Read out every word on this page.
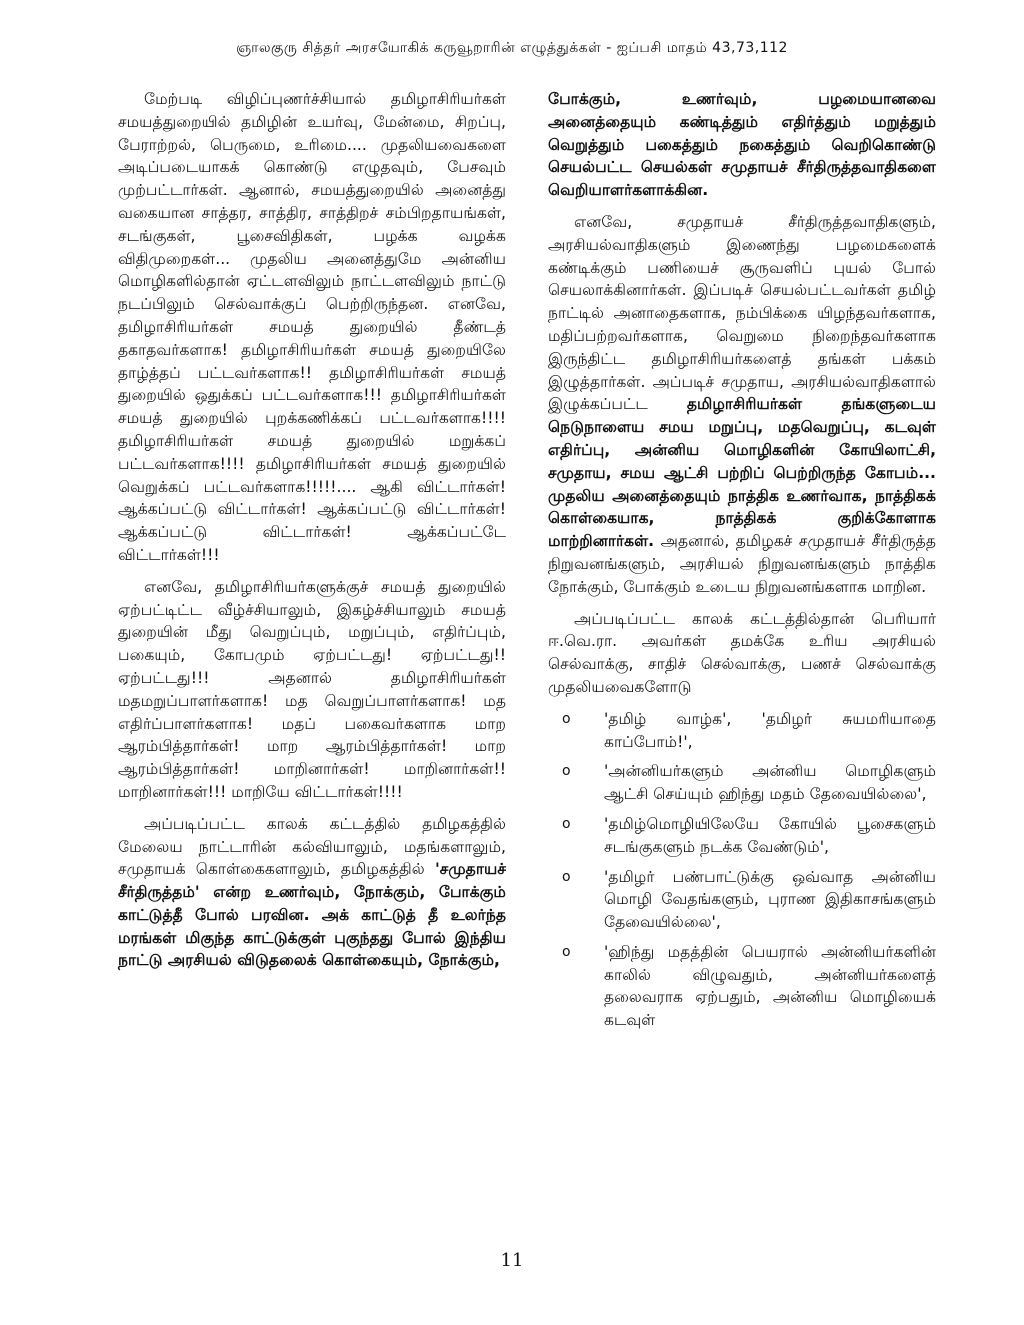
ஞாலகுரு சித்தர் அரசயோகிக் கருவூறாரின் எழுத்துக்கள் - ஐப்பசி மாதம் 43,73,112

மேற்படி விழிப்புணர்ச்சியால் தமிழாசிரியர்கள் சமயத்துறையில் தமிழின் உயர்வு, மேன்மை, சிறப்பு, பேராற்றல், பெருமை, உரிமை.... முதலியவைகளை அடிப்படையாகக் கொண்டு எழுதவும், பேசவும் முற்பட்டார்கள். ஆனால், சமயத்துறையில் அனைத்து வகையான சாத்தர, சாத்திர, சாத்திறச் சம்பிறதாயங்கள், சடங்குகள், பூசைவிதிகள், பழக்க வழக்க விதிமுறைகள்... முதலிய அனைத்துமே அன்னிய மொழிகளில்தான் ஏட்டளவிலும் நாட்டளவிலும் நாட்டு நடப்பிலும் செல்வாக்குப் பெற்றிருந்தன. எனவே, தமிழாசிரியர்கள் சமயத் துறையில் தீண்டத் தகாதவர்களாக! தமிழாசிரியர்கள் சமயத் துறையிலே தாழ்த்தப் பட்டவர்களாக!! தமிழாசிரியர்கள் சமயத் துறையில் ஒதுக்கப் பட்டவர்களாக!!! தமிழாசிரியர்கள் சமயத் துறையில் புறக்கணிக்கப் பட்டவர்களாக!!!! தமிழாசிரியர்கள் சமயத் துறையில் மறுக்கப் பட்டவர்களாக!!!! தமிழாசிரியர்கள் சமயத் துறையில் வெறுக்கப் பட்டவர்களாக!!!!!.... ஆகி விட்டார்கள்! ஆக்கப்பட்டு விட்டார்கள்! ஆக்கப்பட்டு விட்டார்கள்! ஆக்கப்பட்டு விட்டார்கள்! ஆக்கப்பட்டே விட்டார்கள்!!!

எனவே, தமிழாசிரியர்களுக்குச் சமயத் துறையில் ஏற்பட்டிட்ட வீழ்ச்சியாலும், இகழ்ச்சியாலும் சமயத் துறையின் மீது வெறுப்பும், மறுப்பும், எதிர்ப்பும், பகையும், கோபமும் ஏற்பட்டது! ஏற்பட்டது!! ஏற்பட்டது!!! அதனால் தமிழாசிரியர்கள் மதமறுப்பாளர்களாக! மத வெறுப்பாளர்களாக! மத எதிர்ப்பாளர்களாக! மதப் பகைவர்களாக மாற ஆரம்பித்தார்கள்! மாற ஆரம்பித்தார்கள்! மாற ஆரம்பித்தார்கள்! மாறினார்கள்! மாறினார்கள்!! மாறினார்கள்!!! மாறியே விட்டார்கள்!!!!

அப்படிப்பட்ட காலக் கட்டத்தில் தமிழகத்தில் மேலைய நாட்டாரின் கல்வியாலும், மதங்களாலும், சமுதாயக் கொள்கைகளாலும், தமிழகத்தில் 'சமுதாயச் சீர்திருத்தம்' என்ற உணர்வும், நோக்கும், போக்கும் காட்டுத்தீ போல் பரவின. அக் காட்டுத் தீ உலர்ந்த மரங்கள் மிகுந்த காட்டுக்குள் புகுந்தது போல் இந்திய நாட்டு அரசியல் விடுதலைக் கொள்கையும், நோக்கும்,

போக்கும், உணர்வும், பழமையானவை அனைத்தையும் கண்டித்தும் எதிர்த்தும் மறுத்தும் வெறுத்தும் பகைத்தும் நகைத்தும் வெறிகொண்டு செயல்பட்ட செயல்கள் சமுதாயச் சீர்திருத்தவாதிகளை வெறியாளர்களாக்கின.

எனவே, சமுதாயச் சீர்திருத்தவாதிகளும், அரசியல்வாதிகளும் இணைந்து பழமைகளைக் கண்டிக்கும் பணியைச் சூருவளிப் புயல் போல் செயலாக்கினார்கள். இப்படிச் செயல்பட்டவர்கள் தமிழ் நாட்டில் அனாதைகளாக, நம்பிக்கை யிழந்தவர்களாக, மதிப்பற்றவர்களாக, வெறுமை நிறைந்தவர்களாக இருந்திட்ட தமிழாசிரியர்களைத் தங்கள் பக்கம் இழுத்தார்கள். அப்படிச் சமுதாய, அரசியல்வாதிகளால் இழுக்கப்பட்ட தமிழாசிரியர்கள் தங்களுடைய நெடுநாளைய சமய மறுப்பு, மதவெறுப்பு, கடவுள் எதிர்ப்பு, அன்னிய மொழிகளின் கோயிலாட்சி, சமுதாய, சமய ஆட்சி பற்றிப் பெற்றிருந்த கோபம்... முதலிய அனைத்தையும் நாத்திக உணர்வாக, நாத்திகக் கொள்கையாக, நாத்திகக் குறிக்கோளாக மாற்றினார்கள். அதனால், தமிழகச் சமுதாயச் சீர்திருத்த நிறுவனங்களும், அரசியல் நிறுவனங்களும் நாத்திக நோக்கும், போக்கும் உடைய நிறுவனங்களாக மாறின.

அப்படிப்பட்ட காலக் கட்டத்தில்தான் பெரியார் ஈ.வெ.ரா. அவர்கள் தமக்கே உரிய அரசியல் செல்வாக்கு, சாதிச் செல்வாக்கு, பணச் செல்வாக்கு முதலியவைகளோடு

o 'தமிழ் வாழ்க', 'தமிழர் சுயமரியாதை காப்போம்!',
o 'அன்னியர்களும் அன்னிய மொழிகளும் ஆட்சி செய்யும் ஹிந்து மதம் தேவையில்லை',
o 'தமிழ்மொழியிலேயே கோயில் பூசைகளும் சடங்குகளும் நடக்க வேண்டும்',
o 'தமிழர் பண்பாட்டுக்கு ஒவ்வாத அன்னிய மொழி வேதங்களும், புராண இதிகாசங்களும் தேவையில்லை',
o 'ஹிந்து மதத்தின் பெயரால் அன்னியர்களின் காலில் விழுவதும், அன்னியர்களைத் தலைவராக ஏற்பதும், அன்னிய மொழியைக் கடவுள்
11
